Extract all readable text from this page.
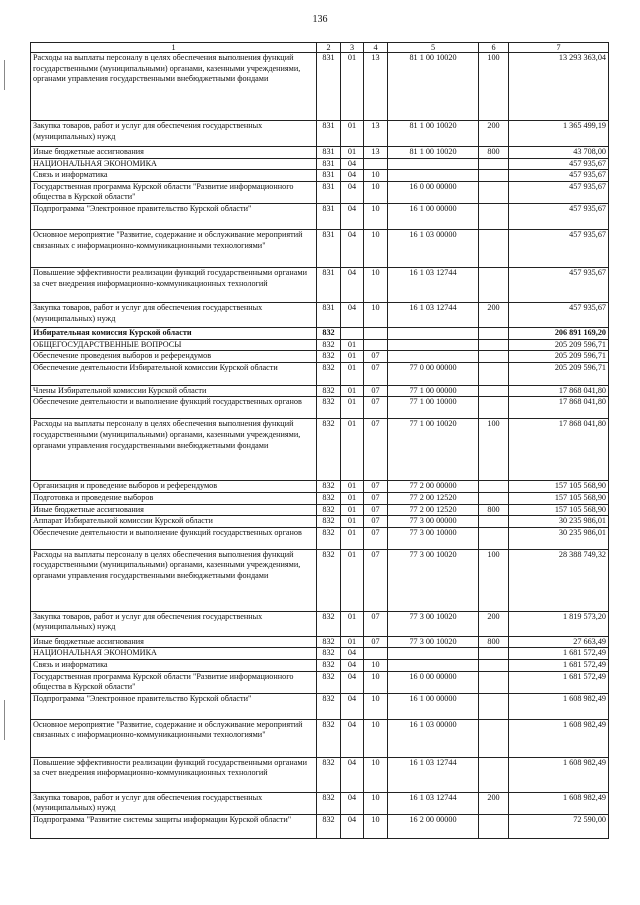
136
1	2	3	4	5	6	7
Расходы на выплаты персоналу в целях обеспечения выполнения функций государственными (муниципальными) органами, казенными учреждениями, органами управления государственными внебюджетными фондами	831	01	13	81 1 00 10020	100	13 293 363,04
Закупка товаров, работ и услуг для обеспечения государственных (муниципальных) нужд	831	01	13	81 1 00 10020	200	1 365 499,19
Иные бюджетные ассигнования	831	01	13	81 1 00 10020	800	43 708,00
НАЦИОНАЛЬНАЯ ЭКОНОМИКА	831	04				457 935,67
Связь и информатика	831	04	10			457 935,67
Государственная программа Курской области "Развитие информационного общества в Курской области"	831	04	10	16 0 00 00000		457 935,67
Подпрограмма "Электронное правительство Курской области"	831	04	10	16 1 00 00000		457 935,67
Основное мероприятие "Развитие, содержание и обслуживание мероприятий связанных с информационно-коммуникационными технологиями"	831	04	10	16 1 03 00000		457 935,67
Повышение эффективности реализации функций государственными органами за счет внедрения информационно-коммуникационных технологий	831	04	10	16 1 03 12744		457 935,67
Закупка товаров, работ и услуг для обеспечения государственных (муниципальных) нужд	831	04	10	16 1 03 12744	200	457 935,67
Избирательная комиссия Курской области	832					206 891 169,20
ОБЩЕГОСУДАРСТВЕННЫЕ ВОПРОСЫ	832	01				205 209 596,71
Обеспечение проведения выборов и референдумов	832	01	07			205 209 596,71
Обеспечение деятельности Избирательной комиссии Курской области	832	01	07	77 0 00 00000		205 209 596,71
Члены Избирательной комиссии Курской области	832	01	07	77 1 00 00000		17 868 041,80
Обеспечение деятельности и выполнение функций государственных органов	832	01	07	77 1 00 10000		17 868 041,80
Расходы на выплаты персоналу в целях обеспечения выполнения функций государственными (муниципальными) органами, казенными учреждениями, органами управления государственными внебюджетными фондами	832	01	07	77 1 00 10020	100	17 868 041,80
Организация и проведение выборов и референдумов	832	01	07	77 2 00 00000		157 105 568,90
Подготовка и проведение выборов	832	01	07	77 2 00 12520		157 105 568,90
Иные бюджетные ассигнования	832	01	07	77 2 00 12520	800	157 105 568,90
Аппарат Избирательной комиссии Курской области	832	01	07	77 3 00 00000		30 235 986,01
Обеспечение деятельности и выполнение функций государственных органов	832	01	07	77 3 00 10000		30 235 986,01
Расходы на выплаты персоналу в целях обеспечения выполнения функций государственными (муниципальными) органами, казенными учреждениями, органами управления государственными внебюджетными фондами	832	01	07	77 3 00 10020	100	28 388 749,32
Закупка товаров, работ и услуг для обеспечения государственных (муниципальных) нужд	832	01	07	77 3 00 10020	200	1 819 573,20
Иные бюджетные ассигнования	832	01	07	77 3 00 10020	800	27 663,49
НАЦИОНАЛЬНАЯ ЭКОНОМИКА	832	04				1 681 572,49
Связь и информатика	832	04	10			1 681 572,49
Государственная программа Курской области "Развитие информационного общества в Курской области"	832	04	10	16 0 00 00000		1 681 572,49
Подпрограмма "Электронное правительство Курской области"	832	04	10	16 1 00 00000		1 608 982,49
Основное мероприятие "Развитие, содержание и обслуживание мероприятий связанных с информационно-коммуникационными технологиями"	832	04	10	16 1 03 00000		1 608 982,49
Повышение эффективности реализации функций государственными органами за счет внедрения информационно-коммуникационных технологий	832	04	10	16 1 03 12744		1 608 982,49
Закупка товаров, работ и услуг для обеспечения государственных (муниципальных) нужд	832	04	10	16 1 03 12744	200	1 608 982,49
Подпрограмма "Развитие системы защиты информации Курской области"	832	04	10	16 2 00 00000		72 590,00
